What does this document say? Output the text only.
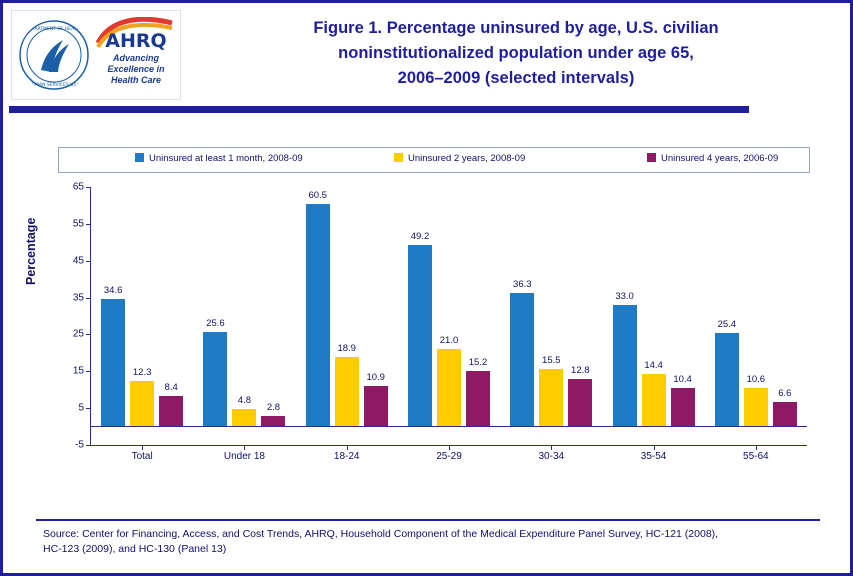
DEPARTMENT OF HEALTH
HUMAN SERVICES USA
AHRQ
Advancing
Excellence in
Health Care
Figure 1. Percentage uninsured by age, U.S. civilian
noninstitutionalized population under age 65,
2006–2009 (selected intervals)
Uninsured at least 1 month, 2008-09	Uninsured 2 years, 2008-09	Uninsured 4 years, 2006-09
Percentage
-5
5
15
25
35
45
55
65
34.6
12.3
8.4
Total
25.6
4.8
2.8
Under 18
60.5
18.9
10.9
18-24
49.2
21.0
15.2
25-29
36.3
15.5
12.8
30-34
33.0
14.4
10.4
35-54
25.4
10.6
6.6
55-64
Source: Center for Financing, Access, and Cost Trends, AHRQ, Household Component of the Medical Expenditure Panel Survey, HC-121 (2008),
HC-123 (2009), and HC-130 (Panel 13)
